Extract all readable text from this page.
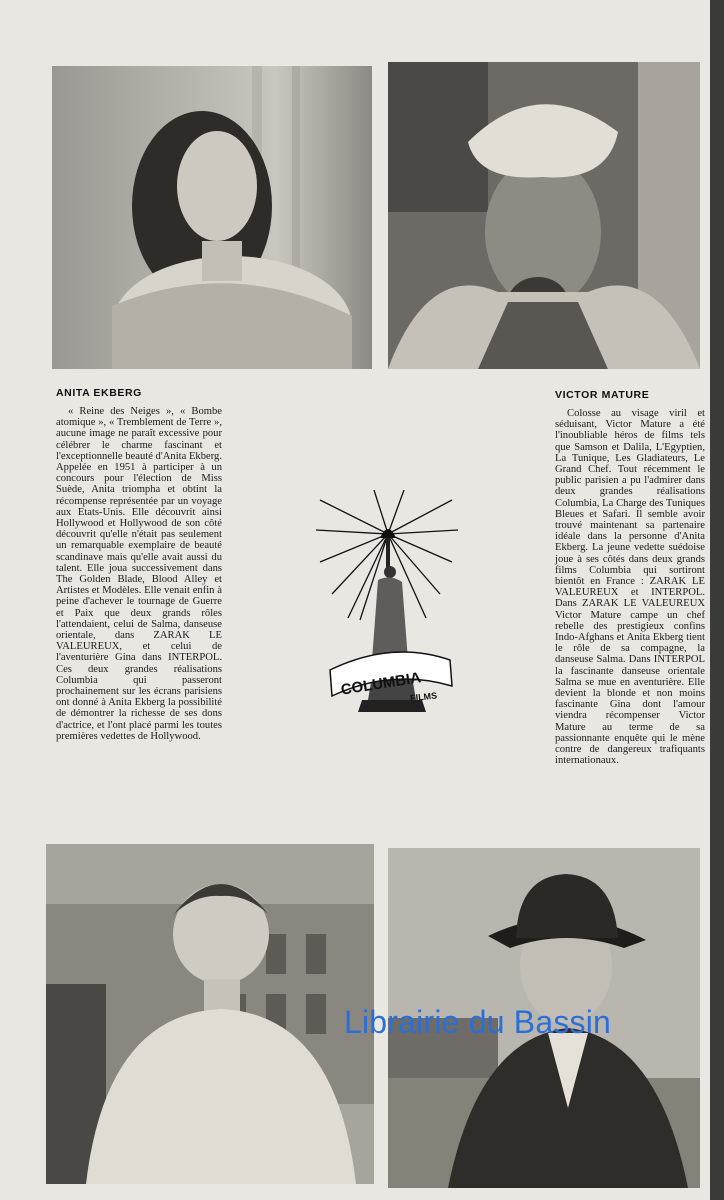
ANITA EKBERG
« Reine des Neiges », « Bombe atomique », « Tremblement de Terre », aucune image ne paraît excessive pour célébrer le charme fascinant et l'exceptionnelle beauté d'Anita Ekberg. Appelée en 1951 à participer à un concours pour l'élection de Miss Suède, Anita triompha et obtint la récompense représentée par un voyage aux Etats-Unis. Elle découvrit ainsi Hollywood et Hollywood de son côté découvrit qu'elle n'était pas seulement un remarquable exemplaire de beauté scandinave mais qu'elle avait aussi du talent. Elle joua successivement dans The Golden Blade, Blood Alley et Artistes et Modèles. Elle venait enfin à peine d'achever le tournage de Guerre et Paix que deux grands rôles l'attendaient, celui de Salma, danseuse orientale, dans ZARAK LE VALEUREUX, et celui de l'aventurière Gina dans INTERPOL. Ces deux grandes réalisations Columbia qui passeront prochainement sur les écrans parisiens ont donné à Anita Ekberg la possibilité de démontrer la richesse de ses dons d'actrice, et l'ont placé parmi les toutes premières vedettes de Hollywood.
VICTOR MATURE
Colosse au visage viril et séduisant, Victor Mature a été l'inoubliable héros de films tels que Samson et Dalila, L'Egyptien, La Tunique, Les Gladiateurs, Le Grand Chef. Tout récemment le public parisien a pu l'admirer dans deux grandes réalisations Columbia, La Charge des Tuniques Bleues et Safari. Il semble avoir trouvé maintenant sa partenaire idéale dans la personne d'Anita Ekberg. La jeune vedette suédoise joue à ses côtés dans deux grands films Columbia qui sortiront bientôt en France : ZARAK LE VALEUREUX et INTERPOL. Dans ZARAK LE VALEUREUX Victor Mature campe un chef rebelle des prestigieux confins Indo-Afghans et Anita Ekberg tient le rôle de sa compagne, la danseuse Salma. Dans INTERPOL la fascinante danseuse orientale Salma se mue en aventurière. Elle devient la blonde et non moins fascinante Gina dont l'amour viendra récompenser Victor Mature au terme de sa passionnante enquête qui le mène contre de dangereux trafiquants internationaux.
COLUMBIA
FILMS
Librairie du Bassin
